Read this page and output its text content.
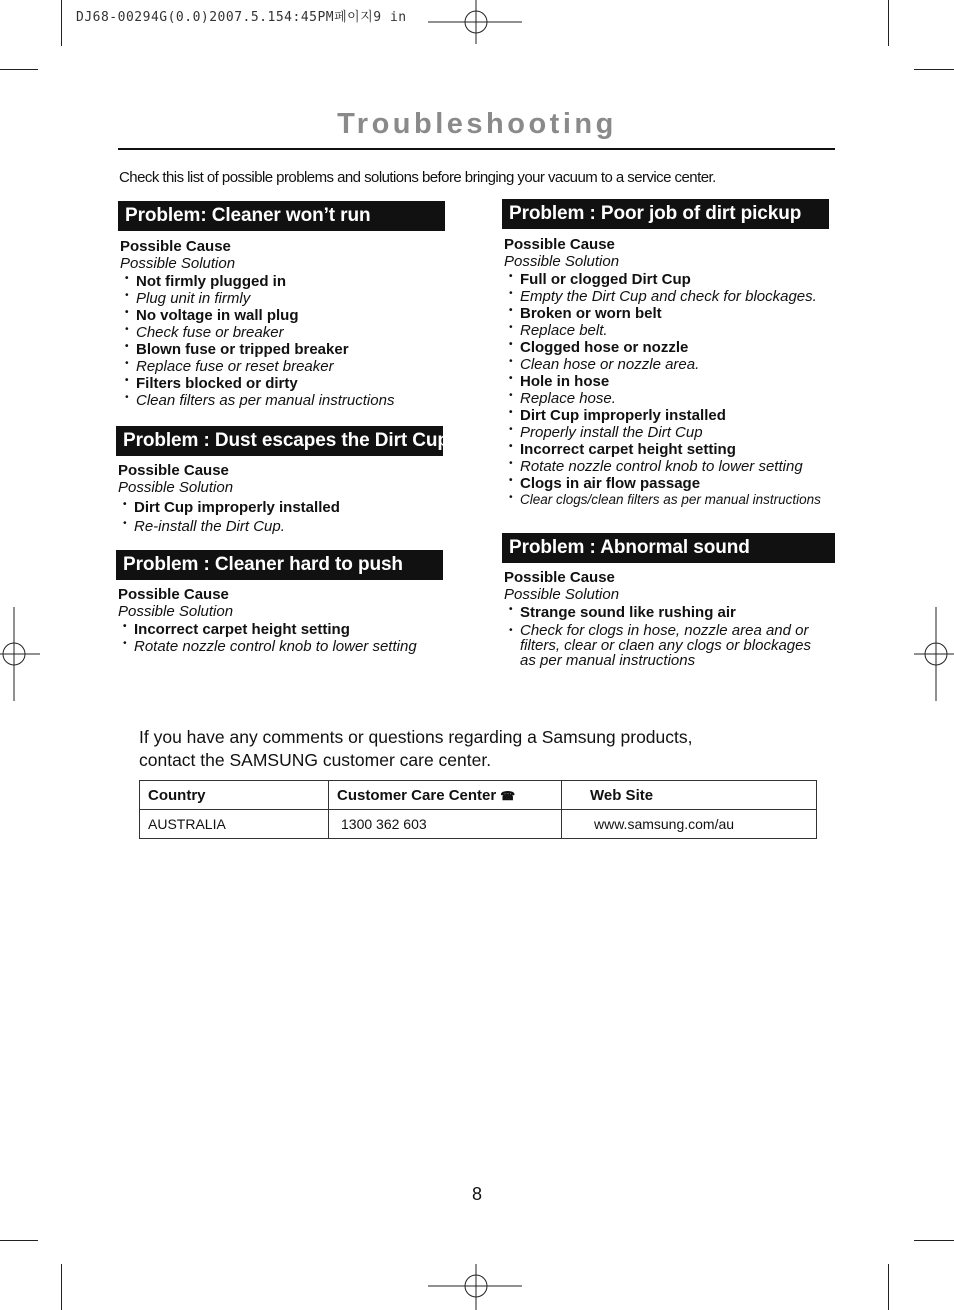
DJ68-00294G(0.0)2007.5.154:45PM페이지9 in
Troubleshooting
Check this list of possible problems and solutions before bringing your vacuum to a service center.
Problem: Cleaner won’t run
Possible Cause
Possible Solution
• Not firmly plugged in
• Plug unit in firmly
• No voltage in wall plug
• Check fuse or breaker
• Blown fuse or tripped breaker
• Replace fuse or reset breaker
• Filters blocked or dirty
• Clean filters as per manual instructions
Problem : Dust escapes the Dirt Cup
Possible Cause
Possible Solution
• Dirt Cup improperly installed
• Re-install the Dirt Cup.
Problem : Cleaner hard to push
Possible Cause
Possible Solution
• Incorrect carpet height setting
• Rotate nozzle control knob to lower setting
Problem : Poor job of dirt pickup
Possible Cause
Possible Solution
• Full or clogged Dirt Cup
• Empty the Dirt Cup and check for blockages.
• Broken or worn belt
• Replace belt.
• Clogged hose or nozzle
• Clean hose or nozzle area.
• Hole in hose
• Replace hose.
• Dirt Cup improperly installed
• Properly install the Dirt Cup
• Incorrect carpet height setting
• Rotate nozzle control knob to lower setting
• Clogs in air flow passage
• Clear clogs/clean filters as per manual instructions
Problem : Abnormal sound
Possible Cause
Possible Solution
• Strange sound like rushing air
• Check for clogs in hose, nozzle area and or filters, clear or claen any clogs or blockages as per manual instructions
If you have any comments or questions regarding a Samsung products,
contact the SAMSUNG customer care center.
Country	Customer Care Center ☎	Web Site
AUSTRALIA	1300 362 603	www.samsung.com/au
8
